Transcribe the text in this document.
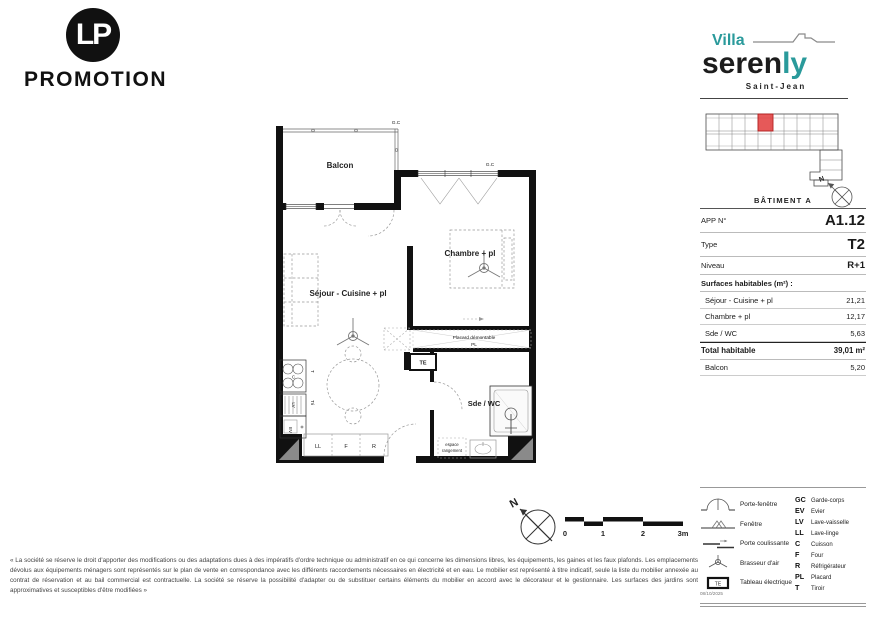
LP
PROMOTION
Villa
serenly
Saint-Jean
N
BÂTIMENT A
APP N°	A1.12
Type	T2
Niveau	R+1
Surfaces habitables (m²) :
Séjour - Cuisine + pl	21,21
Chambre + pl	12,17
Sde / WC	5,63
Total habitable	39,01 m²
Balcon	5,20
TE
C
T
LV	Tri
EV
LL	F	R
Balcon
Chambre + pl
Séjour - Cuisine + pl
Sde / WC
Placard démontable
PL
espace
rangement
G.C
G.C
N
0	1	2	3m
Porte-fenêtre
Fenêtre
Porte coulissante
Brasseur d'air
TE	Tableau électrique
GC Garde-corps
EV	Evier
LV	Lave-vaisselle
LL	Lave-linge
C	Cuisson
F	Four
R	Réfrigérateur
PL	Placard
T	Tiroir
08/10/2025
« La société se réserve le droit d'apporter des modifications ou des adaptations dues à des impératifs d'ordre technique ou administratif en ce qui concerne les dimensions libres, les équipements, les gaines et les faux plafonds. Les emplacements dévolus aux équipements ménagers sont représentés sur le plan de vente en correspondance avec les différents raccordements nécessaires en électricité et en eau. Le mobilier est représenté à titre indicatif, seule la liste du mobilier annexée au contrat de réservation et au bail commercial est contractuelle. La société se réserve la possibilité d'adapter ou de substituer certains éléments du mobilier en accord avec le décorateur et le gestionnaire. Les surfaces des jardins sont approximatives et susceptibles d'être modifiées »
